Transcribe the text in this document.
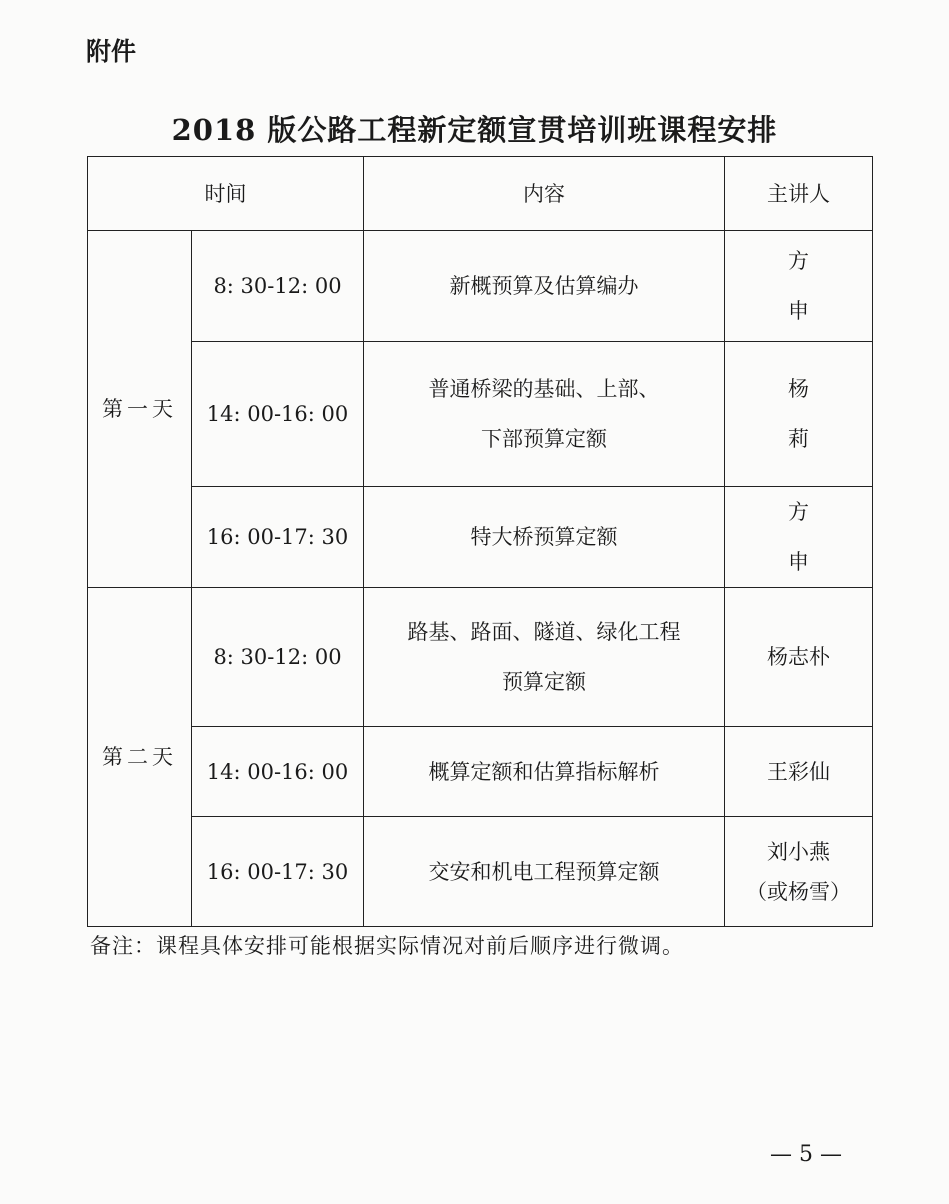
附件
2018 版公路工程新定额宣贯培训班课程安排
时间		内容	主讲人
第一天	8: 30-12: 00	新概预算及估算编办	方 申
	14: 00-16: 00	普通桥梁的基础、上部、
下部预算定额	杨 莉
	16: 00-17: 30	特大桥预算定额	方 申
第二天	8: 30-12: 00	路基、路面、隧道、绿化工程
预算定额	杨志朴
	14: 00-16: 00	概算定额和估算指标解析	王彩仙
	16: 00-17: 30	交安和机电工程预算定额	刘小燕
（或杨雪）
备注：课程具体安排可能根据实际情况对前后顺序进行微调。
— 5 —
